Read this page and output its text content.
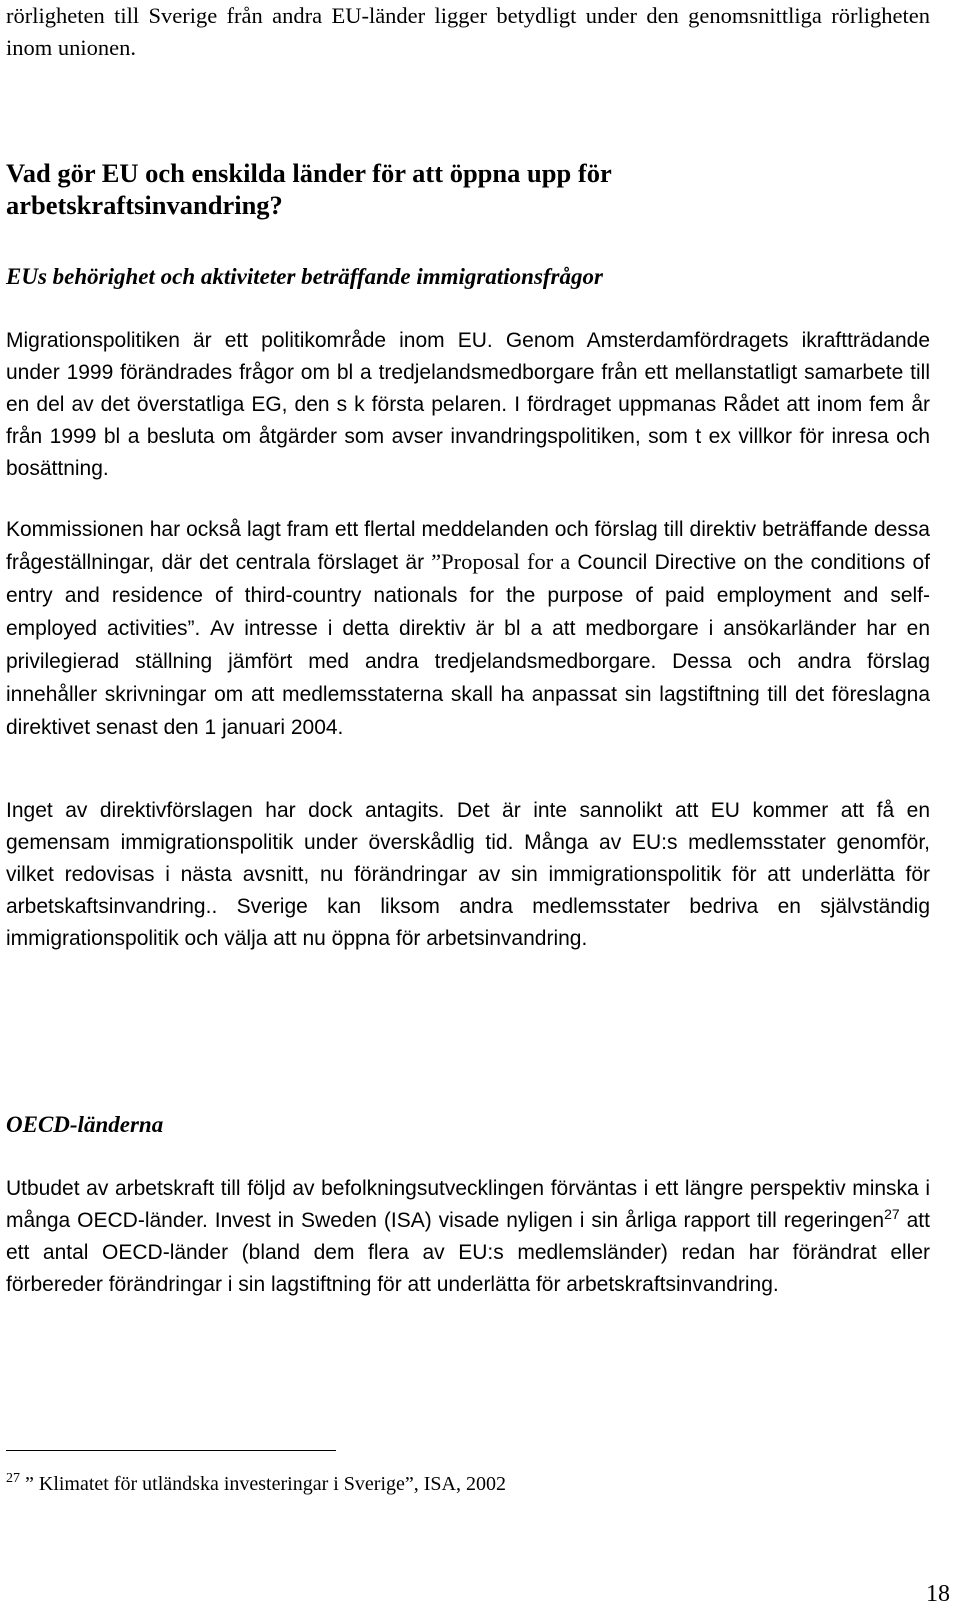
rörligheten till Sverige från andra EU-länder ligger betydligt under den genomsnittliga rörligheten inom unionen.

Vad gör EU och enskilda länder för att öppna upp för arbetskraftsinvandring?
EUs behörighet och aktiviteter beträffande immigrationsfrågor

Migrationspolitiken är ett politikområde inom EU. Genom Amsterdamfördragets ikraftträdande under 1999 förändrades frågor om bl a tredjelandsmedborgare från ett mellanstatligt samarbete till en del av det överstatliga EG, den s k första pelaren. I fördraget uppmanas Rådet att inom fem år från 1999 bl a besluta om åtgärder som avser invandringspolitiken, som t ex villkor för inresa och bosättning.

Kommissionen har också lagt fram ett flertal meddelanden och förslag till direktiv beträffande dessa frågeställningar, där det centrala förslaget är ”Proposal for a Council Directive on the conditions of entry and residence of third-country nationals for the purpose of paid employment and self-employed activities”. Av intresse i detta direktiv är bl a att medborgare i ansökarländer har en privilegierad ställning jämfört med andra tredjelandsmedborgare. Dessa och andra förslag innehåller skrivningar om att medlemsstaterna skall ha anpassat sin lagstiftning till det föreslagna direktivet senast den 1 januari 2004.

Inget av direktivförslagen har dock antagits. Det är inte sannolikt att EU kommer att få en gemensam immigrationspolitik under överskådlig tid. Många av EU:s medlemsstater genomför, vilket redovisas i nästa avsnitt, nu förändringar av sin immigrationspolitik för att underlätta för arbetskaftsinvandring.. Sverige kan liksom andra medlemsstater bedriva en självständig immigrationspolitik och välja att nu öppna för arbetsinvandring.

OECD-länderna

Utbudet av arbetskraft till följd av befolkningsutvecklingen förväntas i ett längre perspektiv minska i många OECD-länder. Invest in Sweden (ISA) visade nyligen i sin årliga rapport till regeringen$^{27}$ att ett antal OECD-länder (bland dem flera av EU:s medlemsländer) redan har förändrat eller förbereder förändringar i sin lagstiftning för att underlätta för arbetskraftsinvandring.

$^{27}$ ” Klimatet för utländska investeringar i Sverige”, ISA, 2002

18
